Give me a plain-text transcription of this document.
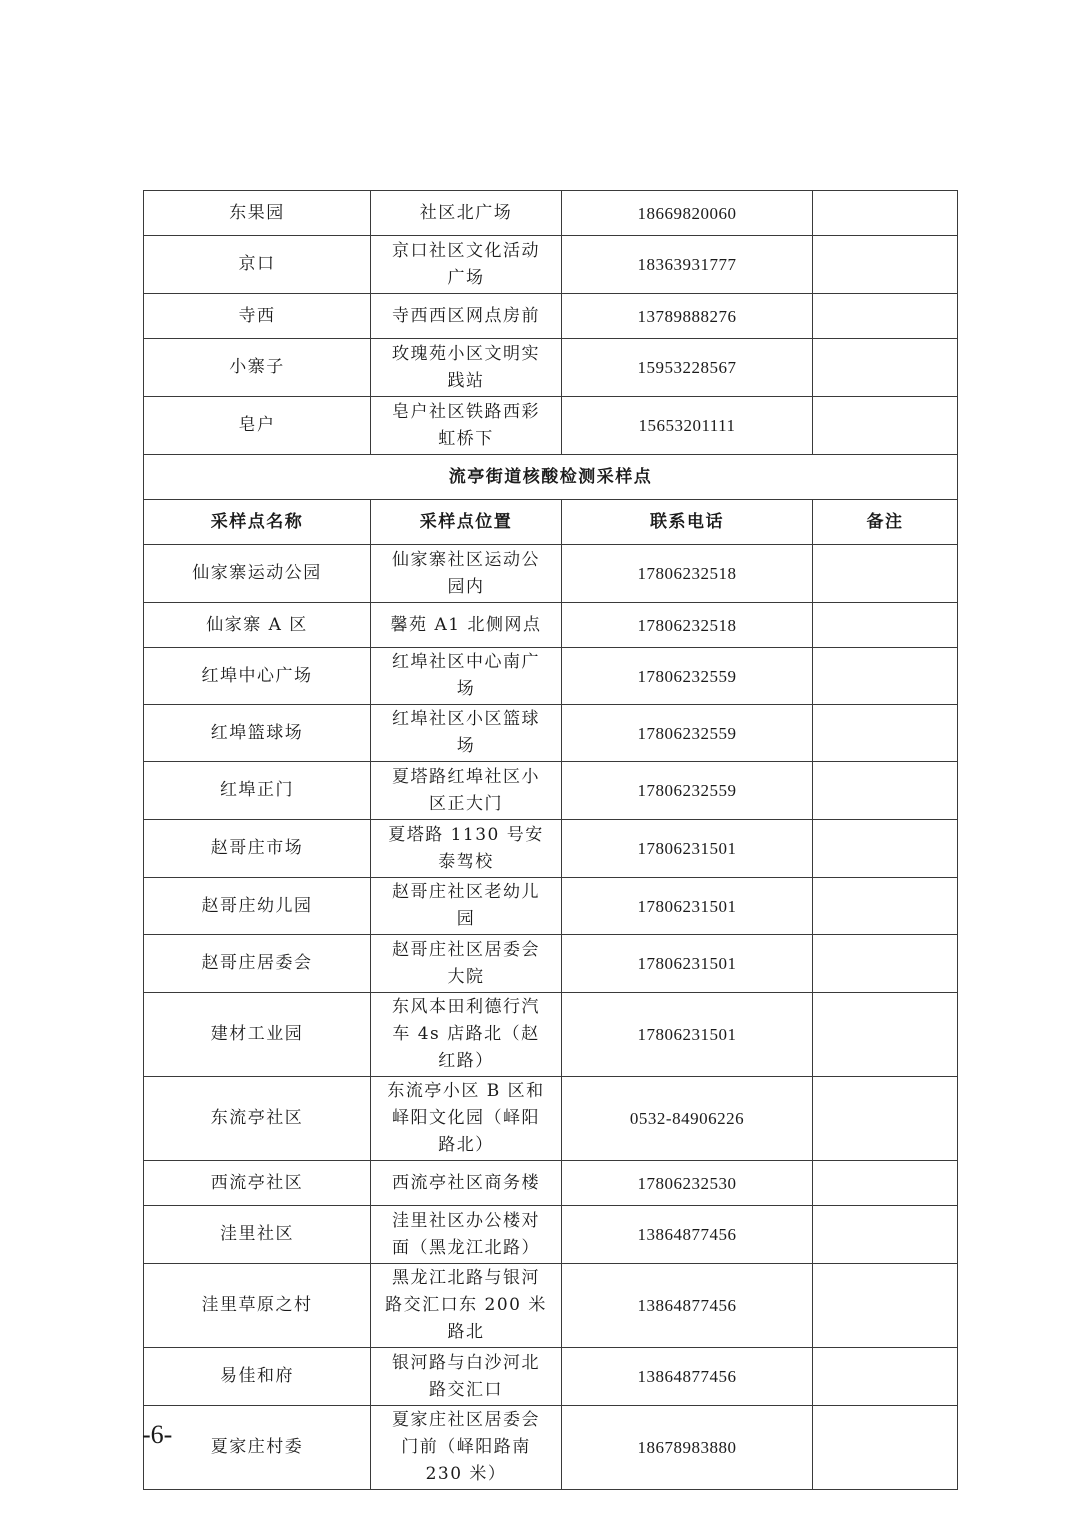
东果园	社区北广场	18669820060	
京口	京口社区文化活动广场	18363931777	
寺西	寺西西区网点房前	13789888276	
小寨子	玫瑰苑小区文明实践站	15953228567	
皂户	皂户社区铁路西彩虹桥下	15653201111	
流亭街道核酸检测采样点			
采样点名称	采样点位置	联系电话	备注
仙家寨运动公园	仙家寨社区运动公园内	17806232518	
仙家寨 A 区	馨苑 A1 北侧网点	17806232518	
红埠中心广场	红埠社区中心南广场	17806232559	
红埠篮球场	红埠社区小区篮球场	17806232559	
红埠正门	夏塔路红埠社区小区正大门	17806232559	
赵哥庄市场	夏塔路 1130 号安泰驾校	17806231501	
赵哥庄幼儿园	赵哥庄社区老幼儿园	17806231501	
赵哥庄居委会	赵哥庄社区居委会大院	17806231501	
建材工业园	东风本田利德行汽车 4s 店路北（赵红路）	17806231501	
东流亭社区	东流亭小区 B 区和峄阳文化园（峄阳路北）	0532-84906226	
西流亭社区	西流亭社区商务楼	17806232530	
洼里社区	洼里社区办公楼对面（黑龙江北路）	13864877456	
洼里草原之村	黑龙江北路与银河路交汇口东 200 米路北	13864877456	
易佳和府	银河路与白沙河北路交汇口	13864877456	
夏家庄村委	夏家庄社区居委会门前（峄阳路南 230 米）	18678983880	
-6-
